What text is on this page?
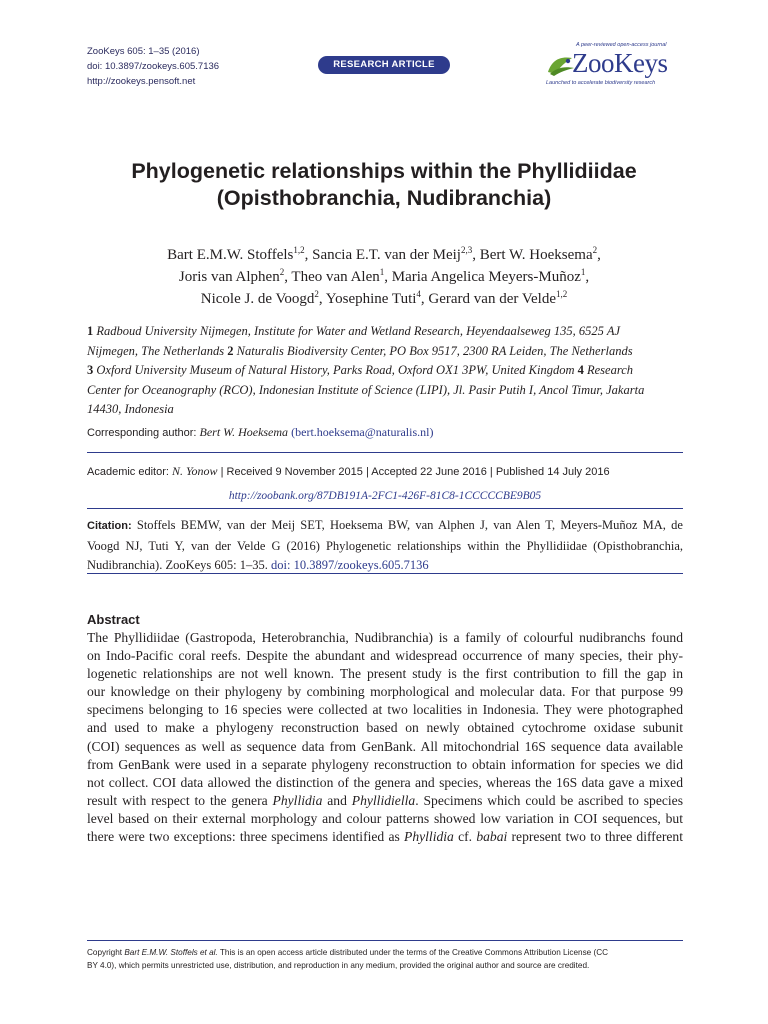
ZooKeys 605: 1–35 (2016)
doi: 10.3897/zookeys.605.7136
http://zookeys.pensoft.net
RESEARCH ARTICLE
A peer-reviewed open-access journal
ZooKeys
Launched to accelerate biodiversity research
Phylogenetic relationships within the Phyllidiidae
(Opisthobranchia, Nudibranchia)
Bart E.M.W. Stoffels$^{1,2}$, Sancia E.T. van der Meij$^{2,3}$, Bert W. Hoeksema$^2$,
Joris van Alphen$^2$, Theo van Alen$^1$, Maria Angelica Meyers-Muñoz$^1$,
Nicole J. de Voogd$^2$, Yosephine Tuti$^4$, Gerard van der Velde$^{1,2}$
1 Radboud University Nijmegen, Institute for Water and Wetland Research, Heyendaalseweg 135, 6525 AJ
Nijmegen, The Netherlands 2 Naturalis Biodiversity Center, PO Box 9517, 2300 RA Leiden, The Netherlands
3 Oxford University Museum of Natural History, Parks Road, Oxford OX1 3PW, United Kingdom 4 Research
Center for Oceanography (RCO), Indonesian Institute of Science (LIPI), Jl. Pasir Putih I, Ancol Timur, Jakarta
14430, Indonesia
Corresponding author: Bert W. Hoeksema (bert.hoeksema@naturalis.nl)
Academic editor: N. Yonow | Received 9 November 2015 | Accepted 22 June 2016 | Published 14 July 2016
http://zoobank.org/87DB191A-2FC1-426F-81C8-1CCCCCBE9B05
Citation: Stoffels BEMW, van der Meij SET, Hoeksema BW, van Alphen J, van Alen T, Meyers-Muñoz MA, de
Voogd NJ, Tuti Y, van der Velde G (2016) Phylogenetic relationships within the Phyllidiidae (Opisthobranchia,
Nudibranchia). ZooKeys 605: 1–35. doi: 10.3897/zookeys.605.7136
Abstract
The Phyllidiidae (Gastropoda, Heterobranchia, Nudibranchia) is a family of colourful nudibranchs found
on Indo-Pacific coral reefs. Despite the abundant and widespread occurrence of many species, their phy-
logenetic relationships are not well known. The present study is the first contribution to fill the gap in
our knowledge on their phylogeny by combining morphological and molecular data. For that purpose 99
specimens belonging to 16 species were collected at two localities in Indonesia. They were photographed
and used to make a phylogeny reconstruction based on newly obtained cytochrome oxidase subunit
(COI) sequences as well as sequence data from GenBank. All mitochondrial 16S sequence data available
from GenBank were used in a separate phylogeny reconstruction to obtain information for species we did
not collect. COI data allowed the distinction of the genera and species, whereas the 16S data gave a mixed
result with respect to the genera Phyllidia and Phyllidiella. Specimens which could be ascribed to species
level based on their external morphology and colour patterns showed low variation in COI sequences, but
there were two exceptions: three specimens identified as Phyllidia cf. babai represent two to three different
Copyright Bart E.M.W. Stoffels et al. This is an open access article distributed under the terms of the Creative Commons Attribution License (CC
BY 4.0), which permits unrestricted use, distribution, and reproduction in any medium, provided the original author and source are credited.
